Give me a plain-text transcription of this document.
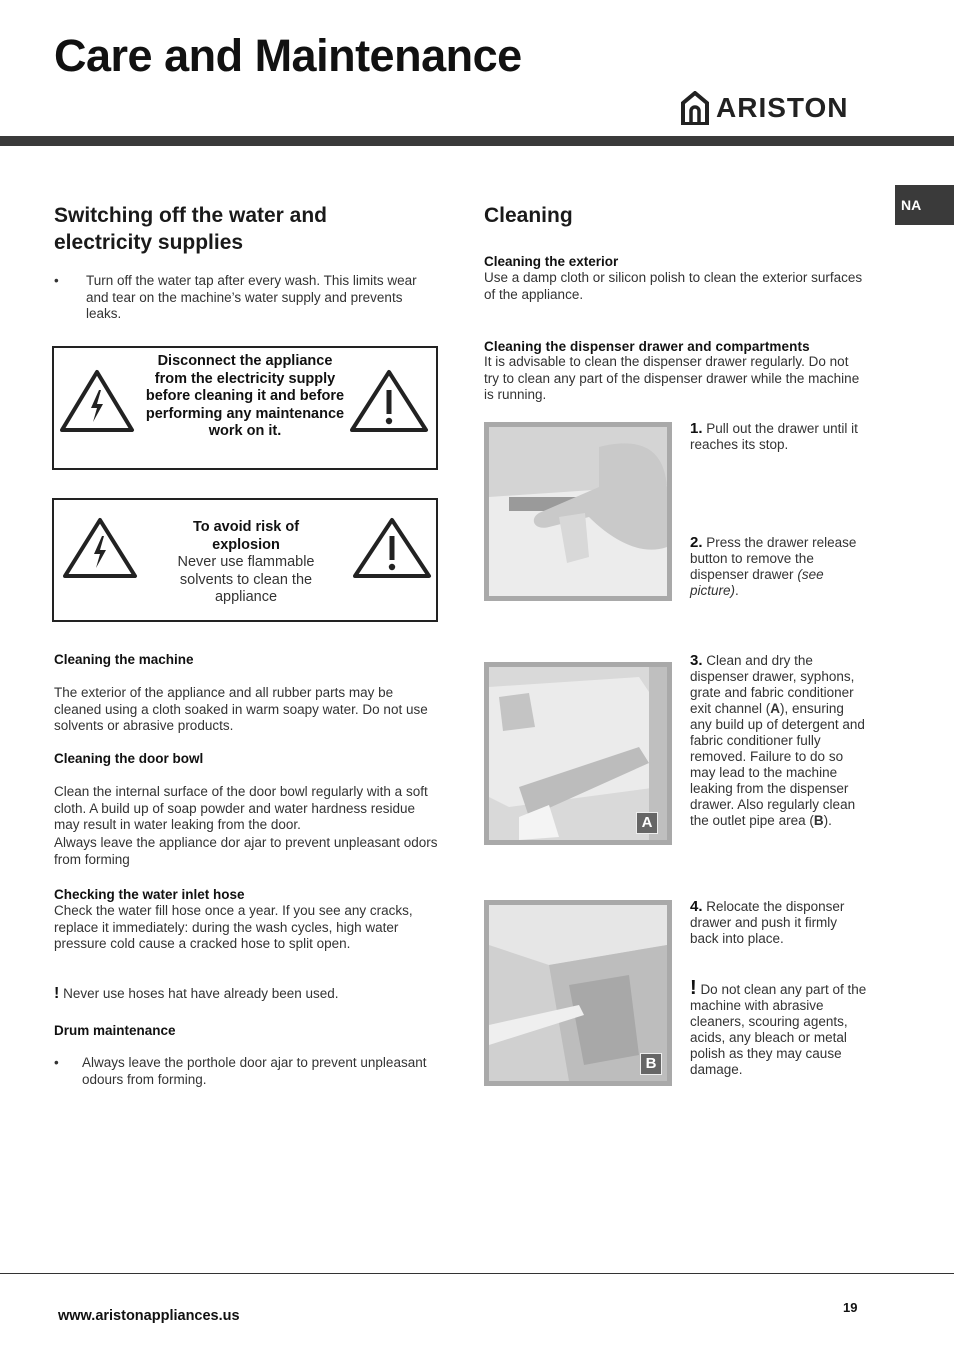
Care and Maintenance
ARISTON
NA
Switching off the water and electricity supplies
•	Turn off the water tap after every wash. This limits wear and tear on the machine’s water supply and prevents leaks.

Disconnect the appliance from the electricity supply before cleaning it and before performing any maintenance work on it.
To avoid risk of explosion
Never use flammable solvents to clean the appliance
Cleaning the machine

The exterior of the appliance and all rubber parts may be cleaned using a cloth soaked in warm soapy water. Do not use solvents or abrasive products.

Cleaning the door bowl

Clean the internal surface of the door bowl regularly with a soft cloth. A build up of soap powder and water hardness residue may result in water leaking from the door.

Always leave the appliance dor ajar to prevent unpleasant odors from forming

Checking the water inlet hose

Check the water fill hose once a year. If you see any cracks, replace it immediately: during the wash cycles, high water pressure cold cause a cracked hose to split open.

! Never use hoses hat have already been used.

Drum maintenance
•	Always leave the porthole door ajar to prevent unpleasant odours from forming.

Cleaning
Cleaning the exterior

Use a damp cloth or silicon polish to clean the exterior surfaces of the appliance.

Cleaning the dispenser drawer and compartments

It is advisable to clean the dispenser drawer regularly. Do not try to clean any part of the dispenser drawer while the machine is running.

1. Pull out the drawer until it reaches its stop.

2. Press the drawer release button to remove the dispenser drawer (see picture).

A

3. Clean and dry the dispenser drawer, syphons, grate and fabric conditioner exit channel (A), ensuring any build up of detergent and fabric conditioner fully removed. Failure to do so may lead to the machine leaking from the dispenser drawer. Also regularly clean the outlet pipe area (B).

B

4. Relocate the disponser drawer and push it firmly back into place.

! Do not clean any part of the machine with abrasive cleaners, scouring agents, acids, any bleach or metal polish as they may cause damage.

www.aristonappliances.us
19
